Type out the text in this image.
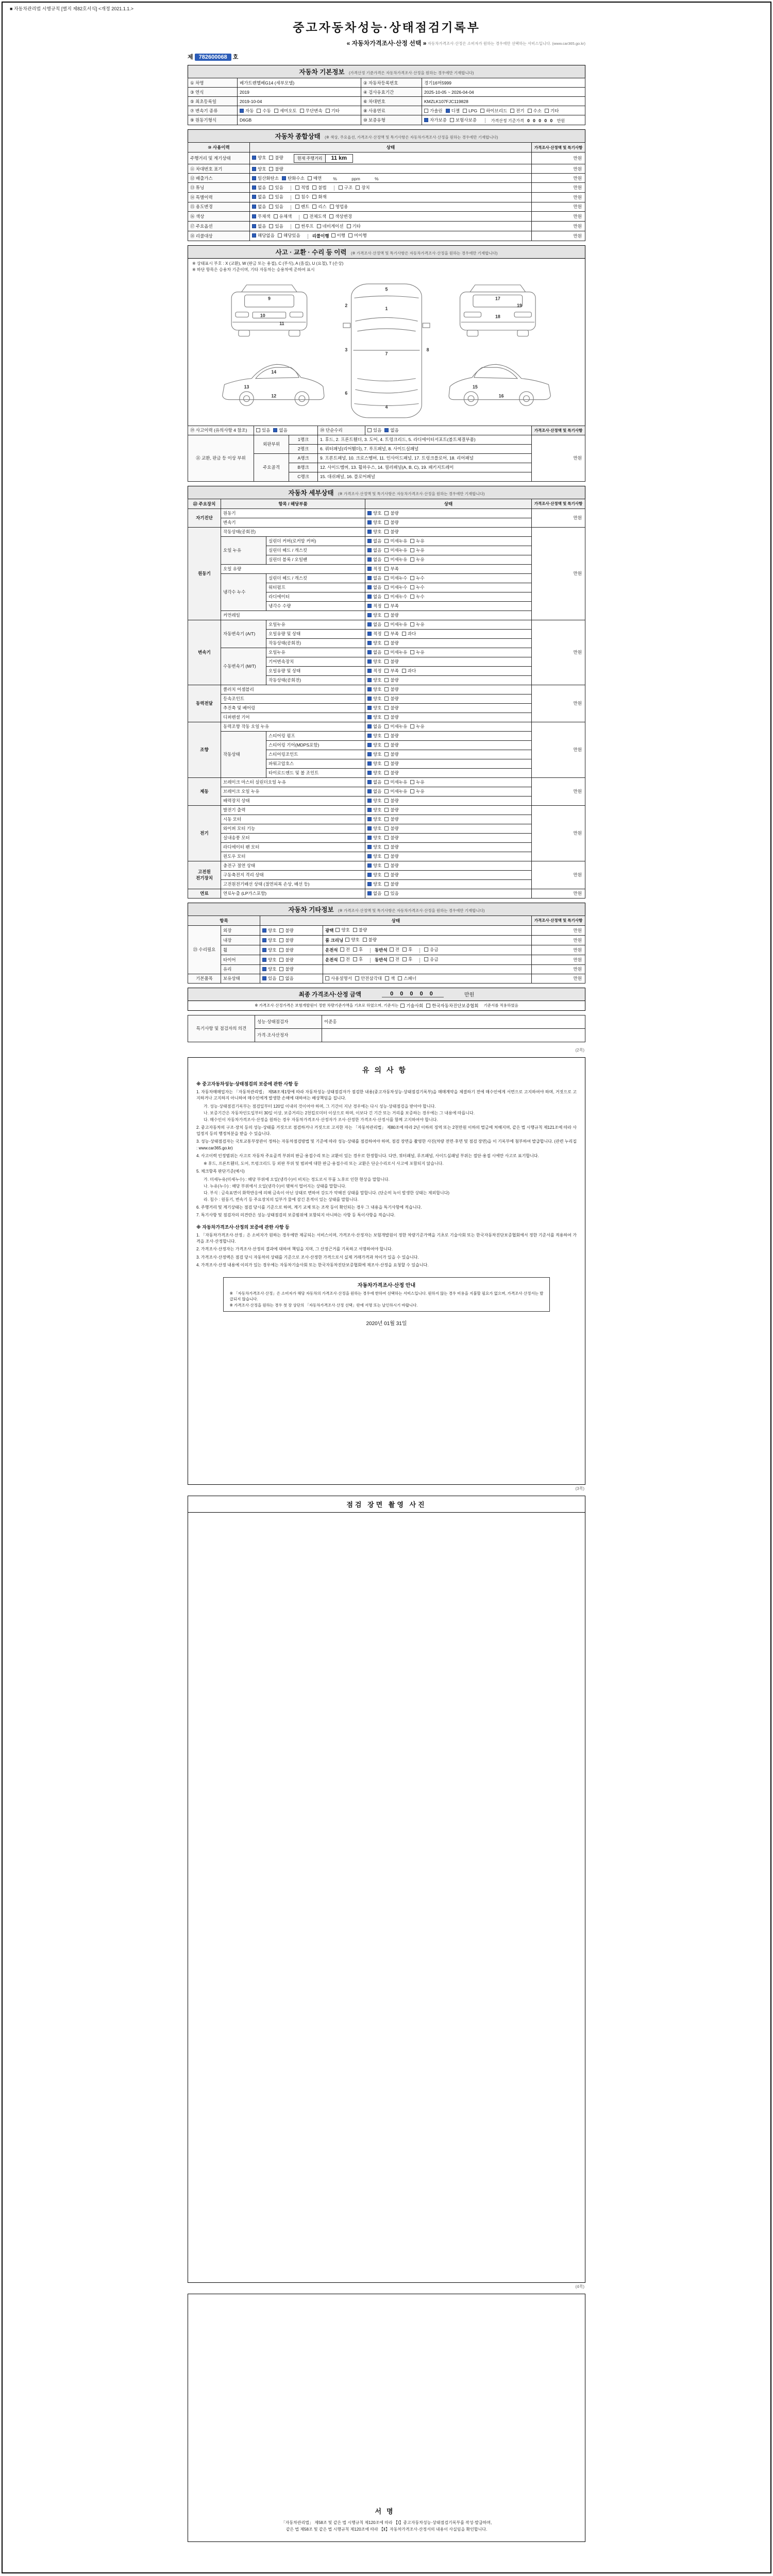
■ 자동차관리법 시행규칙 [별지 제82호서식] <개정 2021.1.1.>
중고자동차성능·상태점검기록부
« 자동차가격조사·산정 선택 »
① 자동차가격조사·산정은 소비자가 원하는 경우에만 선택하는 서비스입니다. (www.car365.go.kr)
제 782600068 호
자동차 기본정보 (가격산정 기준가격은 자동차가격조사·산정을 원하는 경우에만 기재합니다)
① 차명	베가트렌헬베G14 (세부모델)	② 자동차등록번호	경기16머5999
③ 연식	2019	④ 검사유효기간	2025-10-05 ~ 2026-04-04
⑤ 최초등록일	2019-10-04	⑥ 차대번호	KMZLK107FJC119828
⑦ 변속기 종류	자동 수동 세미오토 무단변속 기타	⑧ 사용연료	가솔린 디젤 LPG 하이브리드 전기 수소 기타

⑨ 원동기형식	D6GB	⑩ 보증유형	자가보증 보험사보증 가격산정 기준가격 0 0 0 0 0 만원
자동차 종합상태 (※ 색상, 주요옵션, 가격조사·산정액 및 특기사항은 자동차가격조사·산정을 원하는 경우에만 기재합니다)
⑩ 사용이력	상태	가격조사·산정액 및 특기사항
주행거리 및 계기상태	양호 불량 현재 주행거리 11 km	만원
⑪ 차대번호 표기	양호 불량	만원
⑫ 배출가스	일산화탄소 탄화수소 매연 %            ppm            %	만원
⑬ 튜닝	없음 있음	적법 불법	구조 장치	만원
⑭ 특별이력	없음 있음 침수 화재	만원
⑮ 용도변경	없음 있음 렌트 리스 영업용	만원
⑯ 색상	무채색 유채색 전체도색 색상변경	만원
⑰ 주요옵션	없음 있음 썬루프 네비게이션 기타	만원
⑱ 리콜대상	해당없음 해당있음 리콜이행 이행 미이행	만원
사고 · 교환 · 수리 등 이력 (※ 가격조사·산정액 및 특기사항은 자동차가격조사·산정을 원하는 경우에만 기재합니다)
※ 상태표시 부호 : X (교환), W (판금 또는 용접), C (부식), A (흠집), U (요철), T (손상)
※ 하단 항목은 승용차 기준이며, 기타 자동차는 승용차에 준하여 표시
5
1
2
3
6
7
8
4
9
10
11
13
14
12
17
18
19
15
16
⑲ 사고이력 (유의사항 4 참조)	있음 없음		⑳ 단순수리	있음 없음	가격조사·산정액 및 특기사항
㉑ 교환, 판금 등 이상 부위	외판부위	1랭크	1. 후드, 2. 프론트휀더, 3. 도어, 4. 트렁크리드, 5. 라디에이터서포트(볼트체결부품)		만원
		2랭크	6. 쿼터패널(리어휀더), 7. 루프패널, 8. 사이드실패널		
	주요골격	A랭크	9. 프론트패널, 10. 크로스멤버, 11. 인사이드패널, 17. 트렁크플로어, 18. 리어패널		
		B랭크	12. 사이드멤버, 13. 휠하우스, 14. 필러패널(A, B, C), 19. 패키지트레이		
		C랭크	15. 대쉬패널, 16. 플로어패널		
자동차 세부상태 (※ 가격조사·산정액 및 특기사항은 자동차가격조사·산정을 원하는 경우에만 기재합니다)
㉒ 주요장치	항목 / 해당부품		상태	가격조사·산정액 및 특기사항
자기진단	원동기		양호 불량	만원
	변속기		양호 불량	

원동기	작동상태(공회전)		양호 불량	만원
	오일 누유	실린더 커버(로커암 커버)	없음 미세누유 누유	

		실린더 헤드 / 개스킷	없음 미세누유 누유	

		실린더 블록 / 오일팬	없음 미세누유 누유	

	오일 유량		적정 부족	

	냉각수 누수	실린더 헤드 / 개스킷	없음 미세누수 누수	

		워터펌프	없음 미세누수 누수	

		라디에이터	없음 미세누수 누수	

		냉각수 수량	적정 부족	

	커먼레일		양호 불량	

변속기	자동변속기 (A/T)	오일누유	없음 미세누유 누유	만원
		오일유량 및 상태	적정 부족 과다	

		작동상태(공회전)	양호 불량	

	수동변속기 (M/T)	오일누유	없음 미세누유 누유	

		기어변속장치	양호 불량	

		오일유량 및 상태	적정 부족 과다	

		작동상태(공회전)	양호 불량	

동력전달	클러치 어셈블리		양호 불량	만원
	등속조인트		양호 불량	

	추진축 및 베어링		양호 불량	

	디퍼렌셜 기어		양호 불량	

조향	동력조향 작동 오일 누유		없음 미세누유 누유	만원
	작동상태	스티어링 펌프	양호 불량	

		스티어링 기어(MDPS포함)	양호 불량	

		스티어링조인트	양호 불량	

		파워고압호스	양호 불량	

		타이로드엔드 및 볼 조인트	양호 불량	

제동	브레이크 마스터 실린더오일 누유		없음 미세누유 누유	만원
	브레이크 오일 누유		없음 미세누유 누유	

	배력장치 상태		양호 불량	

전기	발전기 출력		양호 불량	만원
	시동 모터		양호 불량	

	와이퍼 모터 기능		양호 불량	

	실내송풍 모터		양호 불량	

	라디에이터 팬 모터		양호 불량	

	윈도우 모터		양호 불량	

고전원 전기장치	충전구 절연 상태		양호 불량	만원
	구동축전지 격리 상태		양호 불량	

	고전원전기배선 상태 (절연피복 손상, 배선 등)		양호 불량	

연료	연료누출 (LP가스포함)		없음 있음	만원
자동차 기타정보 (※ 가격조사·산정액 및 특기사항은 자동차가격조사·산정을 원하는 경우에만 기재합니다)
항목		상태		가격조사·산정액 및 특기사항
㉓ 수리필요	외장	양호 불량	광택 양호 불량	만원
	내장	양호 불량	룸 크리닝 양호 불량	만원
휠	양호 불량	운전석 전 후	동반석 전 후	응급	만원
타이어	양호 불량	운전석 전 후	동반석 전 후	응급	만원
	유리	양호 불량		만원
기본품목	보유상태	있음 없음	사용설명서 안전삼각대 잭 스패너	만원
최종 가격조사·산정 금액	0 0 0 0 0	만원
※ 가격조사·산정가격은 보험개발원이 정한 차량기준가액을 기초로 하였으며, 기준서는 기술사회 한국자동차진단보증협회 기준서를 적용하였음
특기사항 및 점검자의 의견	성능·상태점검자	이준홍
	가격·조사산정자	
(2쪽)
유의사항
※ 중고자동차성능·상태점검의 보증에 관한 사항 등

1. 자동차매매업자는 「자동차관리법」 제58조제1항에 따라 자동차성능·상태점검자가 점검한 내용(중고자동차성능·상태점검기록부)을 매매계약을 체결하기 전에 매수인에게 서면으로 고지하여야 하며, 거짓으로 고지하거나 고지하지 아니하여 매수인에게 발생한 손해에 대하여는 배상책임을 집니다.

가. 성능·상태점검기록부는 점검일부터 120일 이내의 것이어야 하며, 그 기간이 지난 경우에는 다시 성능·상태점검을 받아야 합니다.

나. 보증기간은 자동차인도일부터 30일 이상, 보증거리는 2천킬로미터 이상으로 하며, 이보다 긴 기간 또는 거리를 보증하는 경우에는 그 내용에 따릅니다.

다. 매수인이 자동차가격조사·산정을 원하는 경우 자동차가격조사·산정자가 조사·산정한 가격조사·산정서를 함께 고지하여야 합니다.

2. 중고자동차의 구조·장치 등의 성능·상태를 거짓으로 점검하거나 거짓으로 고지한 자는 「자동차관리법」 제80조에 따라 2년 이하의 징역 또는 2천만원 이하의 벌금에 처해지며, 같은 법 시행규칙 제121조에 따라 사업정지 등의 행정처분을 받을 수 있습니다.

3. 성능·상태점검자는 국토교통부장관이 정하는 자동차점검방법 및 기준에 따라 성능·상태를 점검하여야 하며, 점검 장면을 촬영한 사진(차량 전면·후면 및 점검 장면)을 이 기록부에 첨부하여 발급합니다. (관련 누리집 : www.car365.go.kr)

4. 사고이력 인정범위는 사고로 자동차 주요골격 부위의 판금·용접수리 또는 교환이 있는 경우로 한정합니다. 다만, 쿼터패널, 루프패널, 사이드실패널 부위는 절단·용접 시에만 사고로 표기합니다.

※ 후드, 프론트휀더, 도어, 트렁크리드 등 외판 부위 및 범퍼에 대한 판금·용접수리 또는 교환은 단순수리로서 사고에 포함되지 않습니다.

5. 체크항목 판단기준(예시)

가. 미세누유(미세누수) : 해당 부위에 오일(냉각수)이 비치는 정도로서 부품 노후로 인한 현상을 말합니다.

나. 누유(누수) : 해당 부위에서 오일(냉각수)이 맺혀서 떨어지는 상태를 말합니다.

다. 부식 : 금속표면이 화학반응에 의해 금속이 아닌 상태로 변하여 강도가 약해진 상태를 말합니다. (단순히 녹이 발생한 상태는 제외합니다)

라. 침수 : 원동기, 변속기 등 주요장치의 일부가 물에 잠긴 흔적이 있는 상태를 말합니다.

6. 주행거리 및 계기상태는 점검 당시를 기준으로 하며, 계기 교체 또는 조작 등이 확인되는 경우 그 내용을 특기사항에 적습니다.

7. 특기사항 및 점검자의 의견란은 성능·상태점검의 보증범위에 포함되지 아니하는 사항 등 특이사항을 적습니다.

※ 자동차가격조사·산정의 보증에 관한 사항 등

1. 「자동차가격조사·산정」은 소비자가 원하는 경우에만 제공되는 서비스이며, 가격조사·산정자는 보험개발원이 정한 차량기준가액을 기초로 기술사회 또는 한국자동차진단보증협회에서 정한 기준서를 적용하여 가격을 조사·산정합니다.

2. 가격조사·산정자는 가격조사·산정의 결과에 대하여 책임을 지며, 그 산정근거를 기록하고 서명하여야 합니다.

3. 가격조사·산정액은 점검 당시 자동차의 상태를 기준으로 조사·산정한 가격으로서 실제 거래가격과 차이가 있을 수 있습니다.

4. 가격조사·산정 내용에 이의가 있는 경우에는 자동차기술사회 또는 한국자동차진단보증협회에 재조사·산정을 요청할 수 있습니다.

자동차가격조사·산정 안내

※ 「자동차가격조사·산정」은 소비자가 해당 자동차의 가격조사·산정을 원하는 경우에 한하여 선택하는 서비스입니다. 원하지 않는 경우 비용을 지불할 필요가 없으며, 가격조사·산정서는 발급되지 않습니다.

※ 가격조사·산정을 원하는 경우 첫 장 상단의 「자동차가격조사·산정 선택」란에 서명 또는 날인하시기 바랍니다.

2020년 01월 31일
(3쪽)
점검 장면 촬영 사진
(4쪽)
서명
「자동차관리법」 제58조 및 같은 법 시행규칙 제120조에 따라 【Ⅰ】중고자동차성능·상태점검기록부를 작성·발급하며,
같은 법 제58조 및 같은 법 시행규칙 제120조에 따라 【Ⅱ】자동차가격조사·산정서의 내용이 사실임을 확인합니다.
